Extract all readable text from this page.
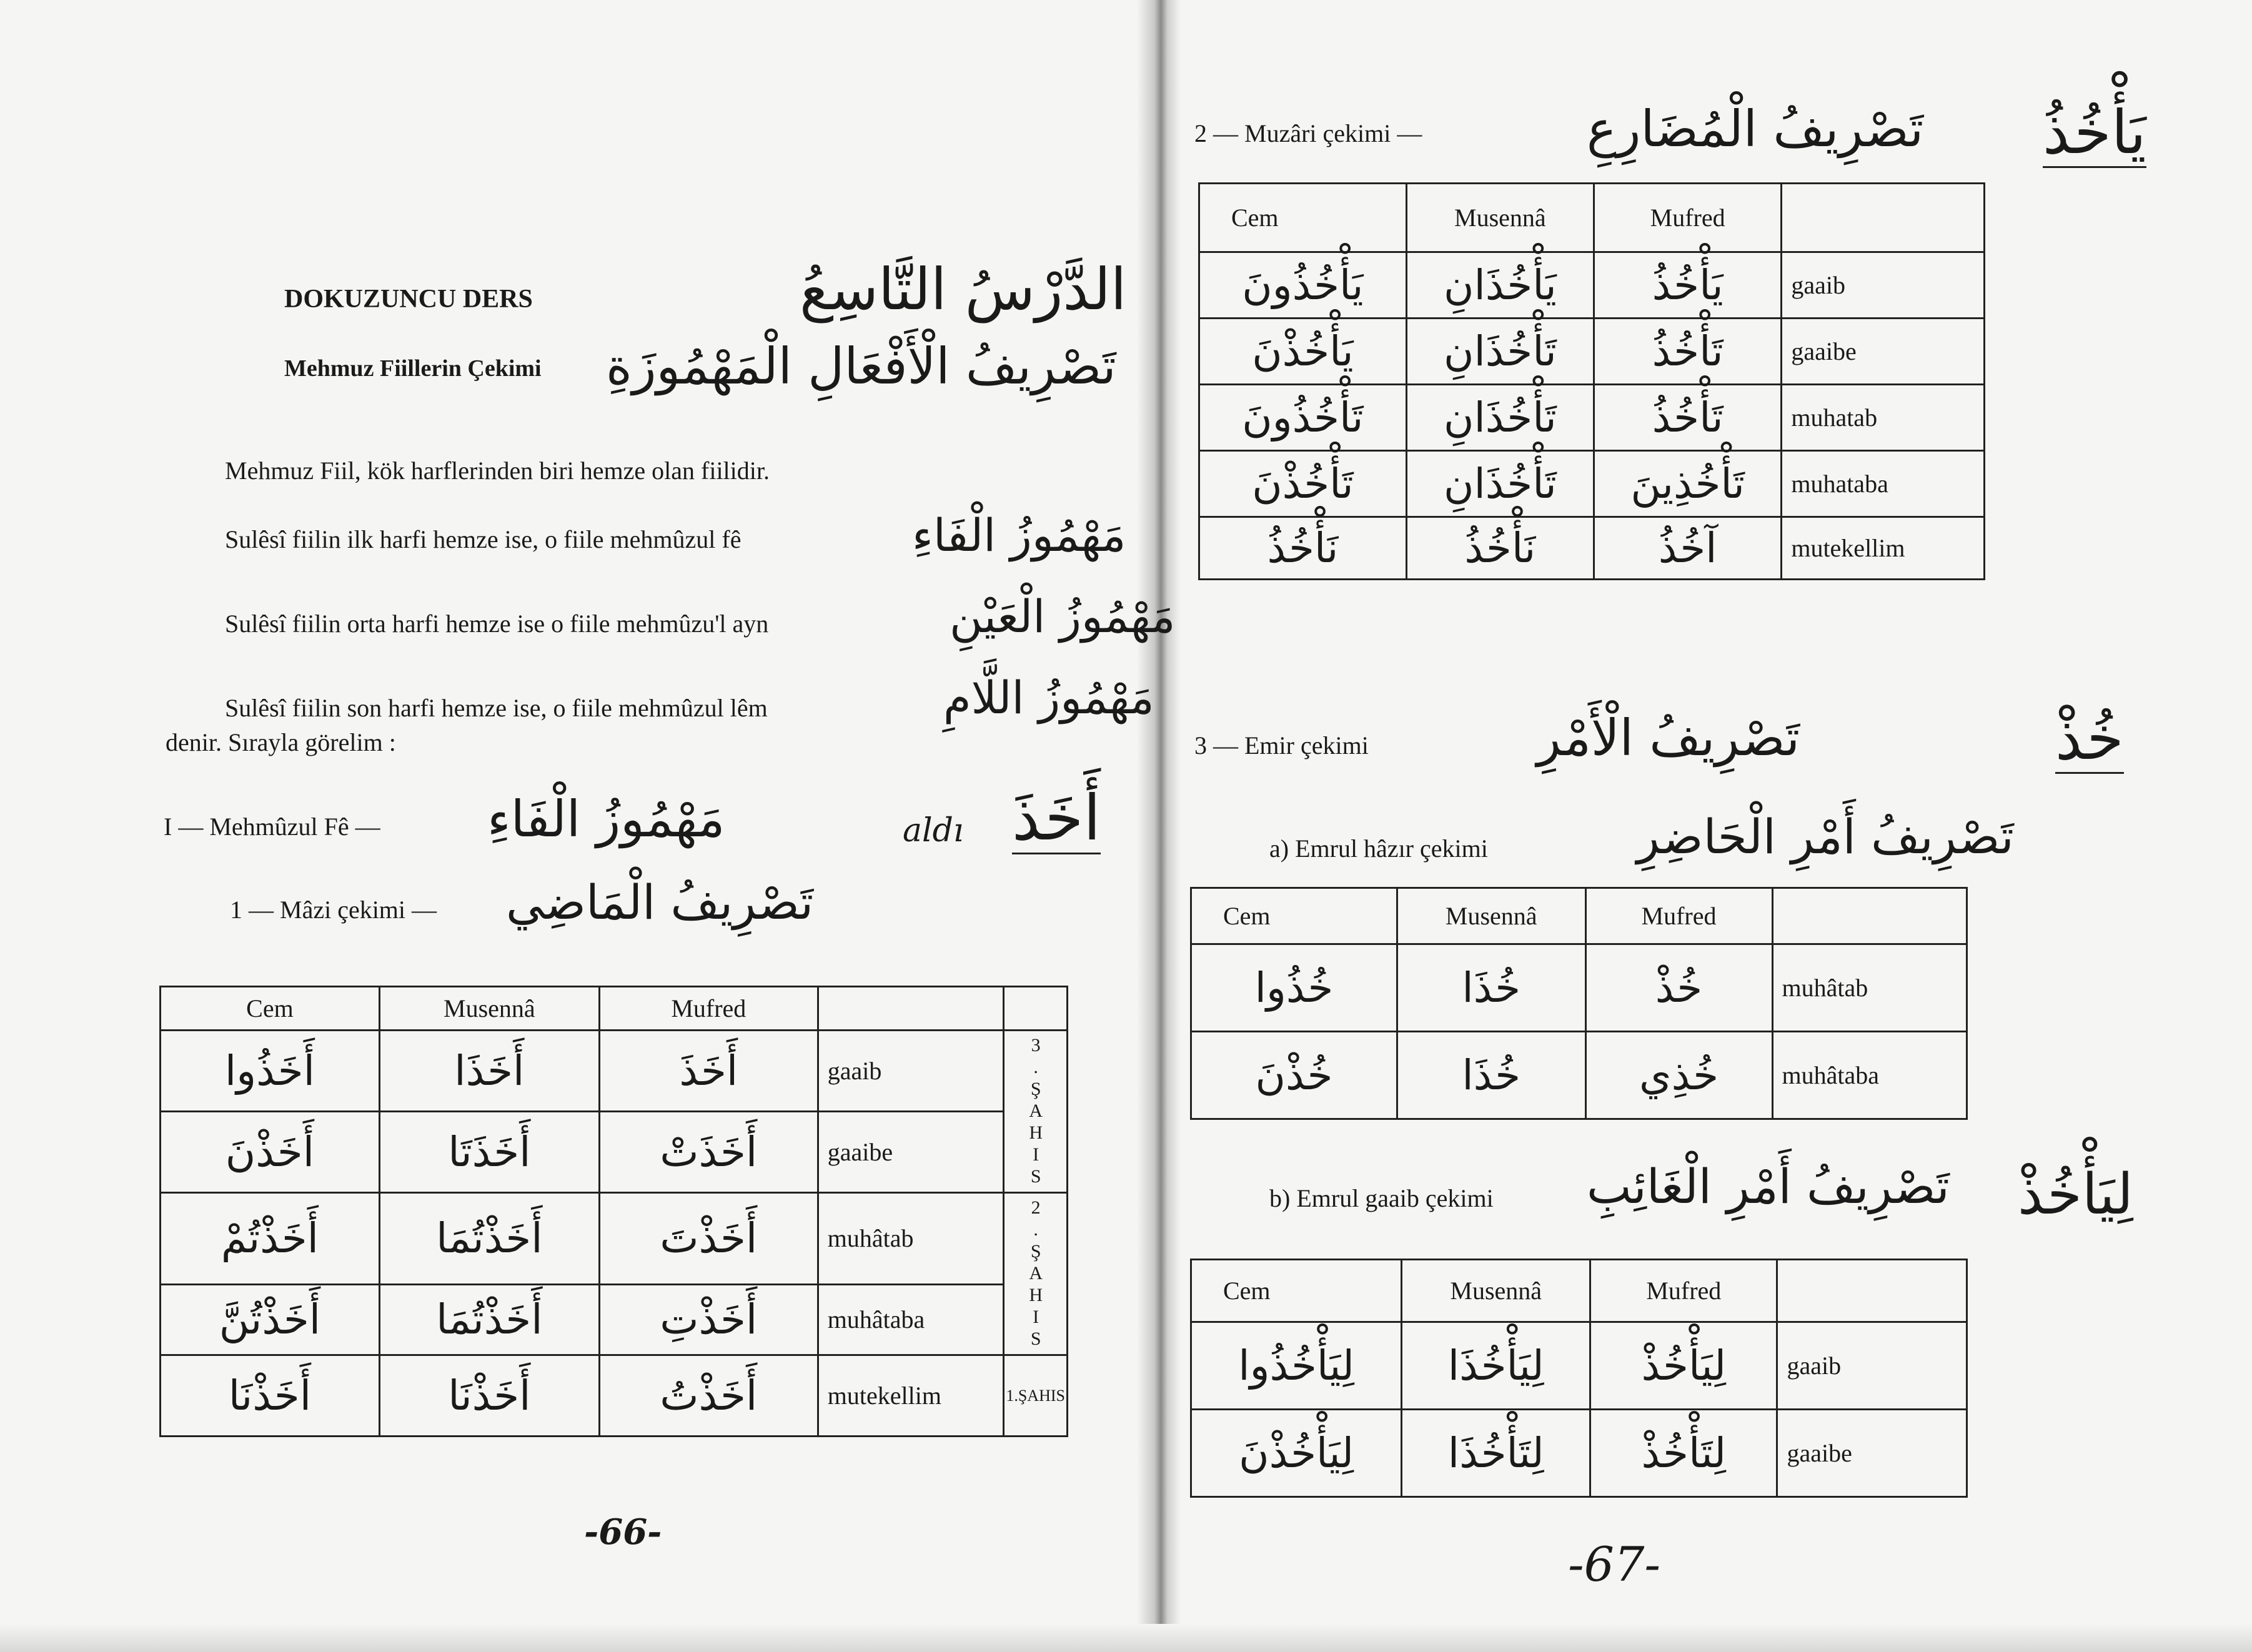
DOKUZUNCU DERS	الدَّرْسُ التَّاسِعُ
Mehmuz Fiillerin Çekimi تَصْرِيفُ الْأَفْعَالِ الْمَهْمُوزَةِ
Mehmuz Fiil, kök harflerinden biri hemze olan fiilidir.
Sulêsî fiilin ilk harfi hemze ise, o fiile mehmûzul fê	مَهْمُوزُ الْفَاءِ
Sulêsî fiilin orta harfi hemze ise o fiile mehmûzu'l ayn	مَهْمُوزُ الْعَيْنِ
Sulêsî fiilin son harfi hemze ise, o fiile mehmûzul lêm	مَهْمُوزُ اللَّامِ
denir. Sırayla görelim :
I — Mehmûzul Fê — مَهْمُوزُ الْفَاءِ	aldı أَخَذَ
1 — Mâzi çekimi — تَصْرِيفُ الْمَاضِي
Cem	Musennâ	Mufred		
أَخَذُوا	أَخَذَا	أَخَذَ	gaaib	3.ŞAHIS
أَخَذْنَ	أَخَذَتَا	أَخَذَتْ	gaaibe	
أَخَذْتُمْ	أَخَذْتُمَا	أَخَذْتَ	muhâtab	2.ŞAHIS
أَخَذْتُنَّ	أَخَذْتُمَا	أَخَذْتِ	muhâtaba	
أَخَذْنَا	أَخَذْنَا	أَخَذْتُ	mutekellim	1.ŞAHIS
-66-
2 — Muzâri çekimi —	تَصْرِيفُ الْمُضَارِعِ يَأْخُذُ
Cem	Musennâ	Mufred	
يَأْخُذُونَ	يَأْخُذَانِ	يَأْخُذُ	gaaib
يَأْخُذْنَ	تَأْخُذَانِ	تَأْخُذُ	gaaibe
تَأْخُذُونَ	تَأْخُذَانِ	تَأْخُذُ	muhatab
تَأْخُذْنَ	تَأْخُذَانِ	تَأْخُذِينَ	muhataba
نَأْخُذُ	نَأْخُذُ	آخُذُ	mutekellim
3 — Emir çekimi	تَصْرِيفُ الْأَمْرِ	خُذْ
a) Emrul hâzır çekimi	تَصْرِيفُ أَمْرِ الْحَاضِرِ
Cem	Musennâ	Mufred	
خُذُوا	خُذَا	خُذْ	muhâtab
خُذْنَ	خُذَا	خُذِي	muhâtaba
b) Emrul gaaib çekimi تَصْرِيفُ أَمْرِ الْغَائِبِ لِيَأْخُذْ
Cem	Musennâ	Mufred	
لِيَأْخُذُوا	لِيَأْخُذَا	لِيَأْخُذْ	gaaib
لِيَأْخُذْنَ	لِتَأْخُذَا	لِتَأْخُذْ	gaaibe
-67-
